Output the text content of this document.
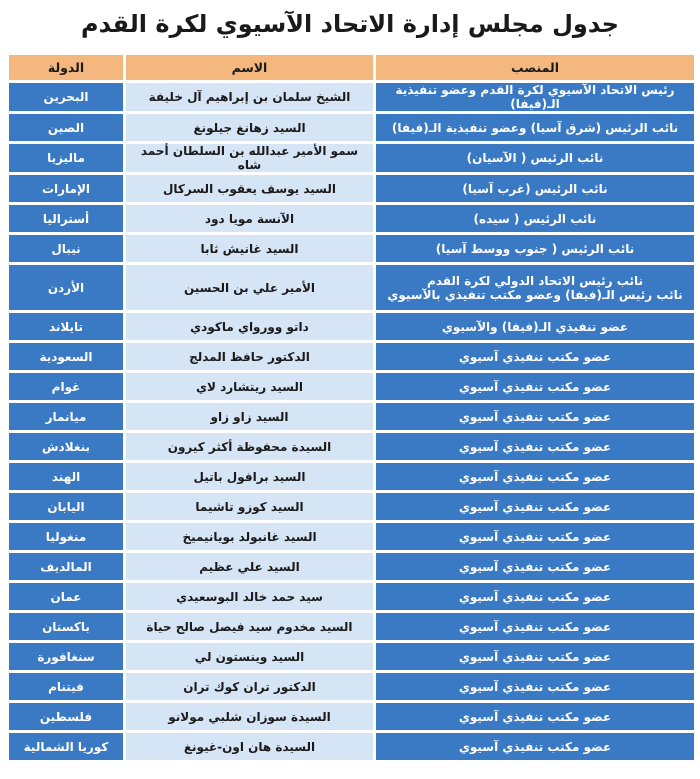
جدول مجلس إدارة الاتحاد الآسيوي لكرة القدم
المنصب	الاسم	الدولة

رئيس الاتحاد الآسيوي لكرة القدم وعضو تنفيذية الـ(فيفا)	الشيخ سلمان بن إبراهيم آل خليفة	البحرين

نائب الرئيس (شرق آسيا) وعضو تنفيذية الـ(فيفا)	السيد زهانغ جيلونغ	الصين

نائب الرئيس ( الآسيان)	سمو الأمير عبدالله بن السلطان أحمد شاه	ماليزيا

نائب الرئيس (غرب آسيا)	السيد يوسف يعقوب السركال	الإمارات

نائب الرئيس ( سيده)	الآنسة مويا دود	أستراليا

نائب الرئيس ( جنوب ووسط آسيا)	السيد غانيش ثابا	نيبال

نائب رئيس الاتحاد الدولي لكرة القدم
نائب رئيس الـ(فيفا) وعضو مكتب تنفيذي بالآسيوي	الأمير علي بن الحسين	الأردن

عضو تنفيذي الـ(فيفا) والآسيوي	داتو وورواي ماكودي	تايلاند

عضو مكتب تنفيذي آسيوي	الدكتور حافظ المدلج	السعودية

عضو مكتب تنفيذي آسيوي	السيد ريتشارد لاي	غوام

عضو مكتب تنفيذي آسيوي	السيد زاو زاو	ميانمار

عضو مكتب تنفيذي آسيوي	السيدة محفوظة أكثر كيرون	بنغلادش

عضو مكتب تنفيذي آسيوي	السيد برافول باتيل	الهند

عضو مكتب تنفيذي آسيوي	السيد كوزو تاشيما	اليابان

عضو مكتب تنفيذي آسيوي	السيد غانبولد بويانيميخ	منغوليا

عضو مكتب تنفيذي آسيوي	السيد علي عظيم	المالديف

عضو مكتب تنفيذي آسيوي	سيد حمد خالد البوسعيدي	عمان

عضو مكتب تنفيذي آسيوي	السيد مخدوم سيد فيصل صالح حياة	باكستان

عضو مكتب تنفيذي آسيوي	السيد وينستون لي	سنغافورة

عضو مكتب تنفيذي آسيوي	الدكتور تران كوك تران	فيتنام

عضو مكتب تنفيذي آسيوي	السيدة سوزان شلبي مولانو	فلسطين

عضو مكتب تنفيذي آسيوي	السيدة هان اون-غيونغ	كوريا الشمالية
